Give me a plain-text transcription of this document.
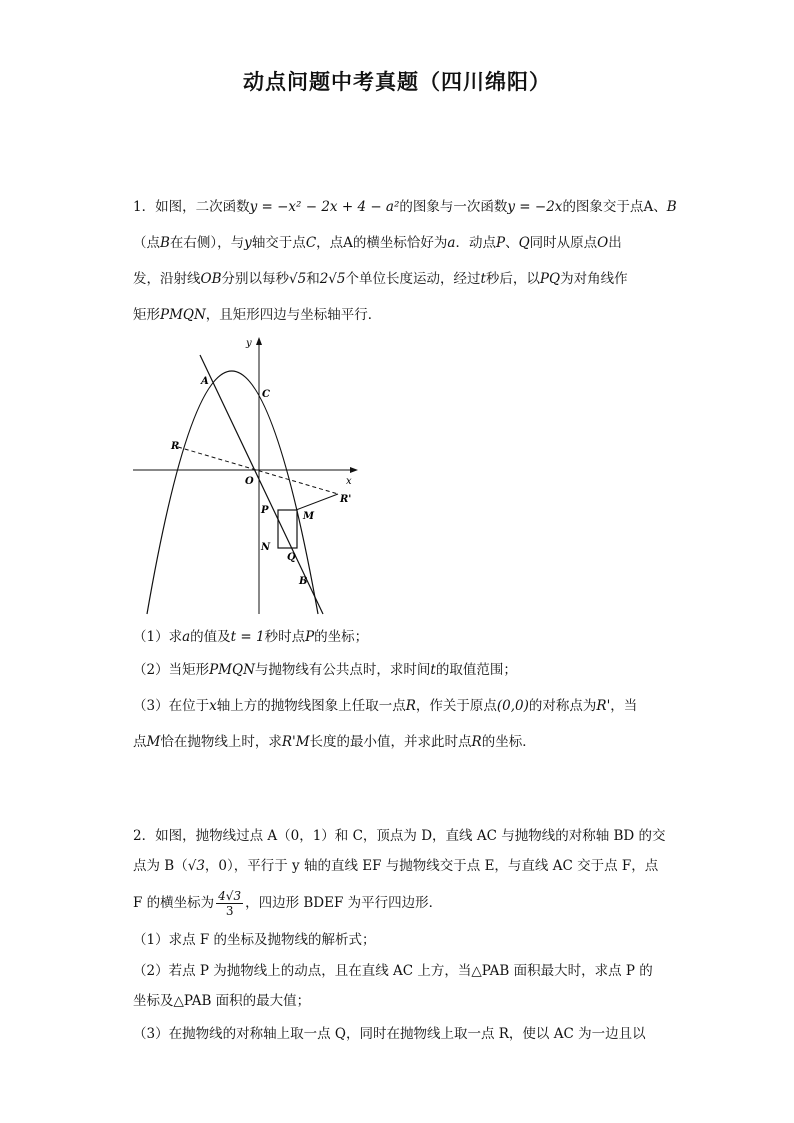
动点问题中考真题（四川绵阳）
1．如图，二次函数y = −x² − 2x + 4 − a²的图象与一次函数y = −2x的图象交于点A、B
（点B在右侧），与y轴交于点C，点A的横坐标恰好为a．动点P、Q同时从原点O出
发，沿射线OB分别以每秒√5和2√5个单位长度运动，经过t秒后，以PQ为对角线作
矩形PMQN，且矩形四边与坐标轴平行．
y
x
A
C
R
O
R'
P
M
N
Q
B
（1）求a的值及t = 1秒时点P的坐标；
（2）当矩形PMQN与抛物线有公共点时，求时间t的取值范围；
（3）在位于x轴上方的抛物线图象上任取一点R，作关于原点(0,0)的对称点为R'，当
点M恰在抛物线上时，求R'M长度的最小值，并求此时点R的坐标．
2．如图，抛物线过点 A（0，1）和 C，顶点为 D，直线 AC 与抛物线的对称轴 BD 的交
点为 B（√3，0），平行于 y 轴的直线 EF 与抛物线交于点 E，与直线 AC 交于点 F，点
F 的横坐标为 $\frac{4√3}{3}$ ，四边形 BDEF 为平行四边形．
（1）求点 F 的坐标及抛物线的解析式；
（2）若点 P 为抛物线上的动点，且在直线 AC 上方，当△PAB 面积最大时，求点 P 的
坐标及△PAB 面积的最大值；
（3）在抛物线的对称轴上取一点 Q，同时在抛物线上取一点 R，使以 AC 为一边且以
